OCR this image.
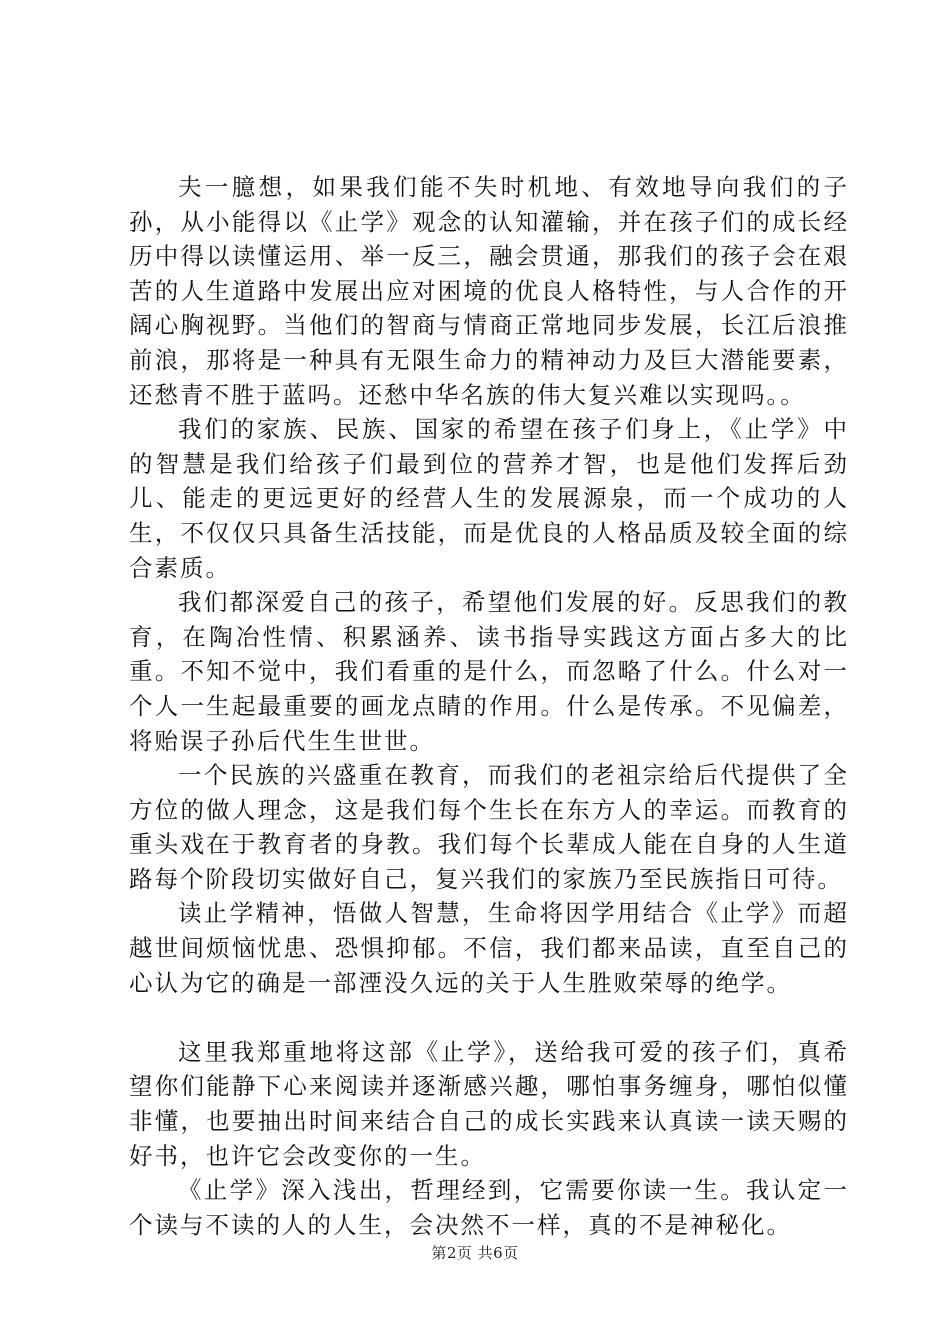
夫一臆想，如果我们能不失时机地、有效地导向我们的子孙，从小能得以《止学》观念的认知灌输，并在孩子们的成长经历中得以读懂运用、举一反三，融会贯通，那我们的孩子会在艰苦的人生道路中发展出应对困境的优良人格特性，与人合作的开阔心胸视野。当他们的智商与情商正常地同步发展，长江后浪推前浪，那将是一种具有无限生命力的精神动力及巨大潜能要素，还愁青不胜于蓝吗。还愁中华名族的伟大复兴难以实现吗。。

我们的家族、民族、国家的希望在孩子们身上，《止学》中的智慧是我们给孩子们最到位的营养才智，也是他们发挥后劲儿、能走的更远更好的经营人生的发展源泉，而一个成功的人生，不仅仅只具备生活技能，而是优良的人格品质及较全面的综合素质。

我们都深爱自己的孩子，希望他们发展的好。反思我们的教育，在陶冶性情、积累涵养、读书指导实践这方面占多大的比重。不知不觉中，我们看重的是什么，而忽略了什么。什么对一个人一生起最重要的画龙点睛的作用。什么是传承。不见偏差，将贻误子孙后代生生世世。

一个民族的兴盛重在教育，而我们的老祖宗给后代提供了全方位的做人理念，这是我们每个生长在东方人的幸运。而教育的重头戏在于教育者的身教。我们每个长辈成人能在自身的人生道路每个阶段切实做好自己，复兴我们的家族乃至民族指日可待。

读止学精神，悟做人智慧，生命将因学用结合《止学》而超越世间烦恼忧患、恐惧抑郁。不信，我们都来品读，直至自己的心认为它的确是一部湮没久远的关于人生胜败荣辱的绝学。

这里我郑重地将这部《止学》，送给我可爱的孩子们，真希望你们能静下心来阅读并逐渐感兴趣，哪怕事务缠身，哪怕似懂非懂，也要抽出时间来结合自己的成长实践来认真读一读天赐的好书，也许它会改变你的一生。

《止学》深入浅出，哲理经到，它需要你读一生。我认定一个读与不读的人的人生，会决然不一样，真的不是神秘化。

第2页 共6页
